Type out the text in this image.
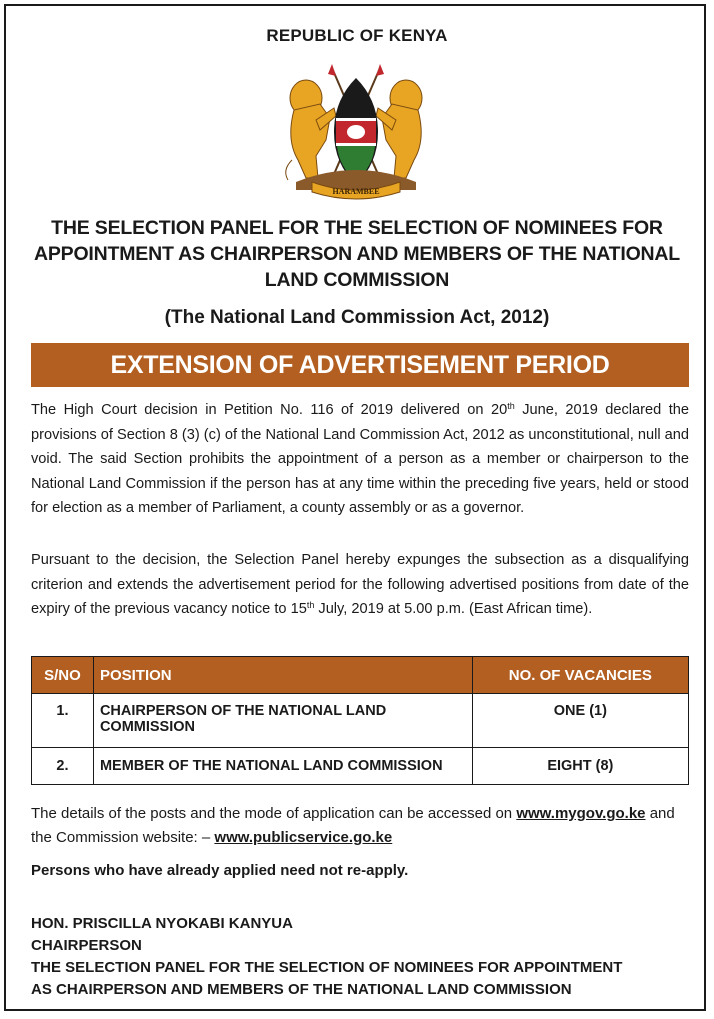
REPUBLIC OF KENYA
HARAMBEE
THE SELECTION PANEL FOR THE SELECTION OF NOMINEES FOR
APPOINTMENT AS CHAIRPERSON AND MEMBERS OF THE NATIONAL
LAND COMMISSION
(The National Land Commission Act, 2012)
EXTENSION OF ADVERTISEMENT PERIOD
The High Court decision in Petition No. 116 of 2019 delivered on 20th June, 2019 declared the provisions of Section 8 (3) (c) of the National Land Commission Act, 2012 as unconstitutional, null and void. The said Section prohibits the appointment of a person as a member or chairperson to the National Land Commission if the person has at any time within the preceding five years, held or stood for election as a member of Parliament, a county assembly or as a governor.
Pursuant to the decision, the Selection Panel hereby expunges the subsection as a disqualifying criterion and extends the advertisement period for the following advertised positions from date of the expiry of the previous vacancy notice to 15th July, 2019 at 5.00 p.m. (East African time).
S/NO	POSITION	NO. OF VACANCIES
1.	CHAIRPERSON OF THE NATIONAL LAND COMMISSION	ONE (1)
2.	MEMBER OF THE NATIONAL LAND COMMISSION	EIGHT (8)
The details of the posts and the mode of application can be accessed on www.mygov.go.ke and the Commission website: – www.publicservice.go.ke
Persons who have already applied need not re-apply.
HON. PRISCILLA NYOKABI KANYUA
CHAIRPERSON
THE SELECTION PANEL FOR THE SELECTION OF NOMINEES FOR APPOINTMENT
AS CHAIRPERSON AND MEMBERS OF THE NATIONAL LAND COMMISSION
